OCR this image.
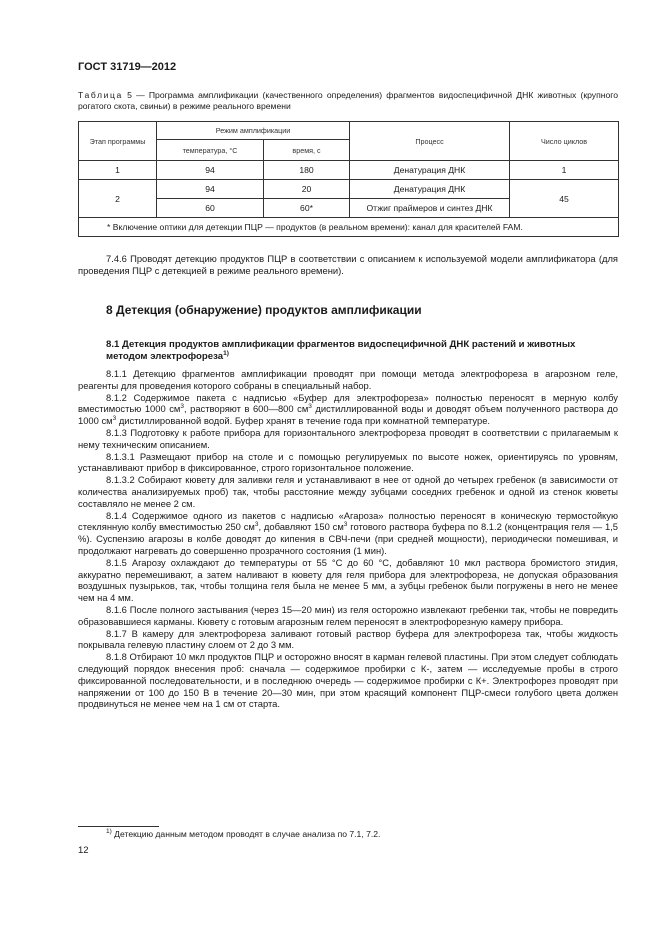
ГОСТ 31719—2012
Таблица 5 — Программа амплификации (качественного определения) фрагментов видоспецифичной ДНК животных (крупного рогатого скота, свиньи) в режиме реального времени
Этап программы	Режим амплификации		Процесс	Число циклов
	температура, °C	время, с		
1	94	180	Денатурация ДНК	1
2	94	20	Денатурация ДНК	45
	60	60*	Отжиг праймеров и синтез ДНК	
* Включение оптики для детекции ПЦР — продуктов (в реальном времени): канал для красителей FAM.				

7.4.6 Проводят детекцию продуктов ПЦР в соответствии с описанием к используемой модели амплификатора (для проведения ПЦР с детекцией в режиме реального времени).

8 Детекция (обнаружение) продуктов амплификации
8.1 Детекция продуктов амплификации фрагментов видоспецифичной ДНК растений и животных методом электрофореза$^{1)}$

8.1.1 Детекцию фрагментов амплификации проводят при помощи метода электрофореза в агарозном геле, реагенты для проведения которого собраны в специальный набор.

8.1.2 Содержимое пакета с надписью «Буфер для электрофореза» полностью переносят в мерную колбу вместимостью 1000 $см^3$, растворяют в 600—800 $см^3$ дистиллированной воды и доводят объем полученного раствора до 1000 $см^3$ дистиллированной водой. Буфер хранят в течение года при комнатной температуре.

8.1.3 Подготовку к работе прибора для горизонтального электрофореза проводят в соответствии с прилагаемым к нему техническим описанием.

8.1.3.1 Размещают прибор на столе и с помощью регулируемых по высоте ножек, ориентируясь по уровням, устанавливают прибор в фиксированное, строго горизонтальное положение.

8.1.3.2 Собирают кювету для заливки геля и устанавливают в нее от одной до четырех гребенок (в зависимости от количества анализируемых проб) так, чтобы расстояние между зубцами соседних гребенок и одной из стенок кюветы составляло не менее 2 см.

8.1.4 Содержимое одного из пакетов с надписью «Агароза» полностью переносят в коническую термостойкую стеклянную колбу вместимостью 250 $см^3$, добавляют 150 $см^3$ готового раствора буфера по 8.1.2 (концентрация геля — 1,5 %). Суспензию агарозы в колбе доводят до кипения в СВЧ-печи (при средней мощности), периодически помешивая, и продолжают нагревать до совершенно прозрачного состояния (1 мин).

8.1.5 Агарозу охлаждают до температуры от 55 °C до 60 °C, добавляют 10 мкл раствора бромистого этидия, аккуратно перемешивают, а затем наливают в кювету для геля прибора для электрофореза, не допуская образования воздушных пузырьков, так, чтобы толщина геля была не менее 5 мм, а зубцы гребенок были погружены в него не менее чем на 4 мм.

8.1.6 После полного застывания (через 15—20 мин) из геля осторожно извлекают гребенки так, чтобы не повредить образовавшиеся карманы. Кювету с готовым агарозным гелем переносят в электрофорезную камеру прибора.

8.1.7 В камеру для электрофореза заливают готовый раствор буфера для электрофореза так, чтобы жидкость покрывала гелевую пластину слоем от 2 до 3 мм.

8.1.8 Отбирают 10 мкл продуктов ПЦР и осторожно вносят в карман гелевой пластины. При этом следует соблюдать следующий порядок внесения проб: сначала — содержимое пробирки с К-, затем — исследуемые пробы в строго фиксированной последовательности, и в последнюю очередь — содержимое пробирки с К+. Электрофорез проводят при напряжении от 100 до 150 В в течение 20—30 мин, при этом красящий компонент ПЦР-смеси голубого цвета должен продвинуться не менее чем на 1 см от старта.

$^{1)}$ Детекцию данным методом проводят в случае анализа по 7.1, 7.2.
12
